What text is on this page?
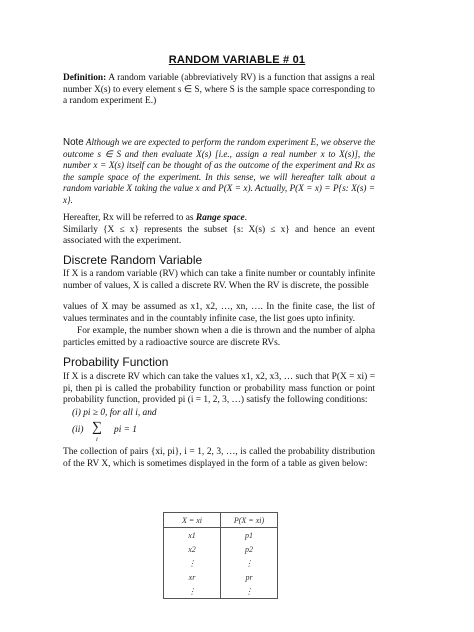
RANDOM VARIABLE # 01
Definition: A random variable (abbreviatively RV) is a function that assigns a real number X(s) to every element s ∈ S, where S is the sample space corresponding to a random experiment E.)
Note Although we are expected to perform the random experiment E, we observe the outcome s ∈ S and then evaluate X(s) [i.e., assign a real number x to X(s)], the number x = X(s) itself can be thought of as the outcome of the experiment and Rx as the sample space of the experiment. In this sense, we will hereafter talk about a random variable X taking the value x and P(X = x). Actually, P(X = x) = P{s: X(s) = x}.
Hereafter, Rx will be referred to as Range space.
Similarly {X ≤ x} represents the subset {s: X(s) ≤ x} and hence an event associated with the experiment.
Discrete Random Variable
If X is a random variable (RV) which can take a finite number or countably infinite number of values, X is called a discrete RV. When the RV is discrete, the possible
values of X may be assumed as x1, x2, …, xn, …. In the finite case, the list of values terminates and in the countably infinite case, the list goes upto infinity.
For example, the number shown when a die is thrown and the number of alpha particles emitted by a radioactive source are discrete RVs.
Probability Function
If X is a discrete RV which can take the values x1, x2, x3, … such that P(X = xi) = pi, then pi is called the probability function or probability mass function or point probability function, provided pi (i = 1, 2, 3, …) satisfy the following conditions:
(i) pi ≥ 0, for all i, and
(ii) ∑
i
pi = 1
The collection of pairs {xi, pi}, i = 1, 2, 3, …, is called the probability distribution of the RV X, which is sometimes displayed in the form of a table as given below:
X = xi	P(X = xi)
x1	p1
x2	p2
⋮	⋮
xr	pr
⋮	⋮
